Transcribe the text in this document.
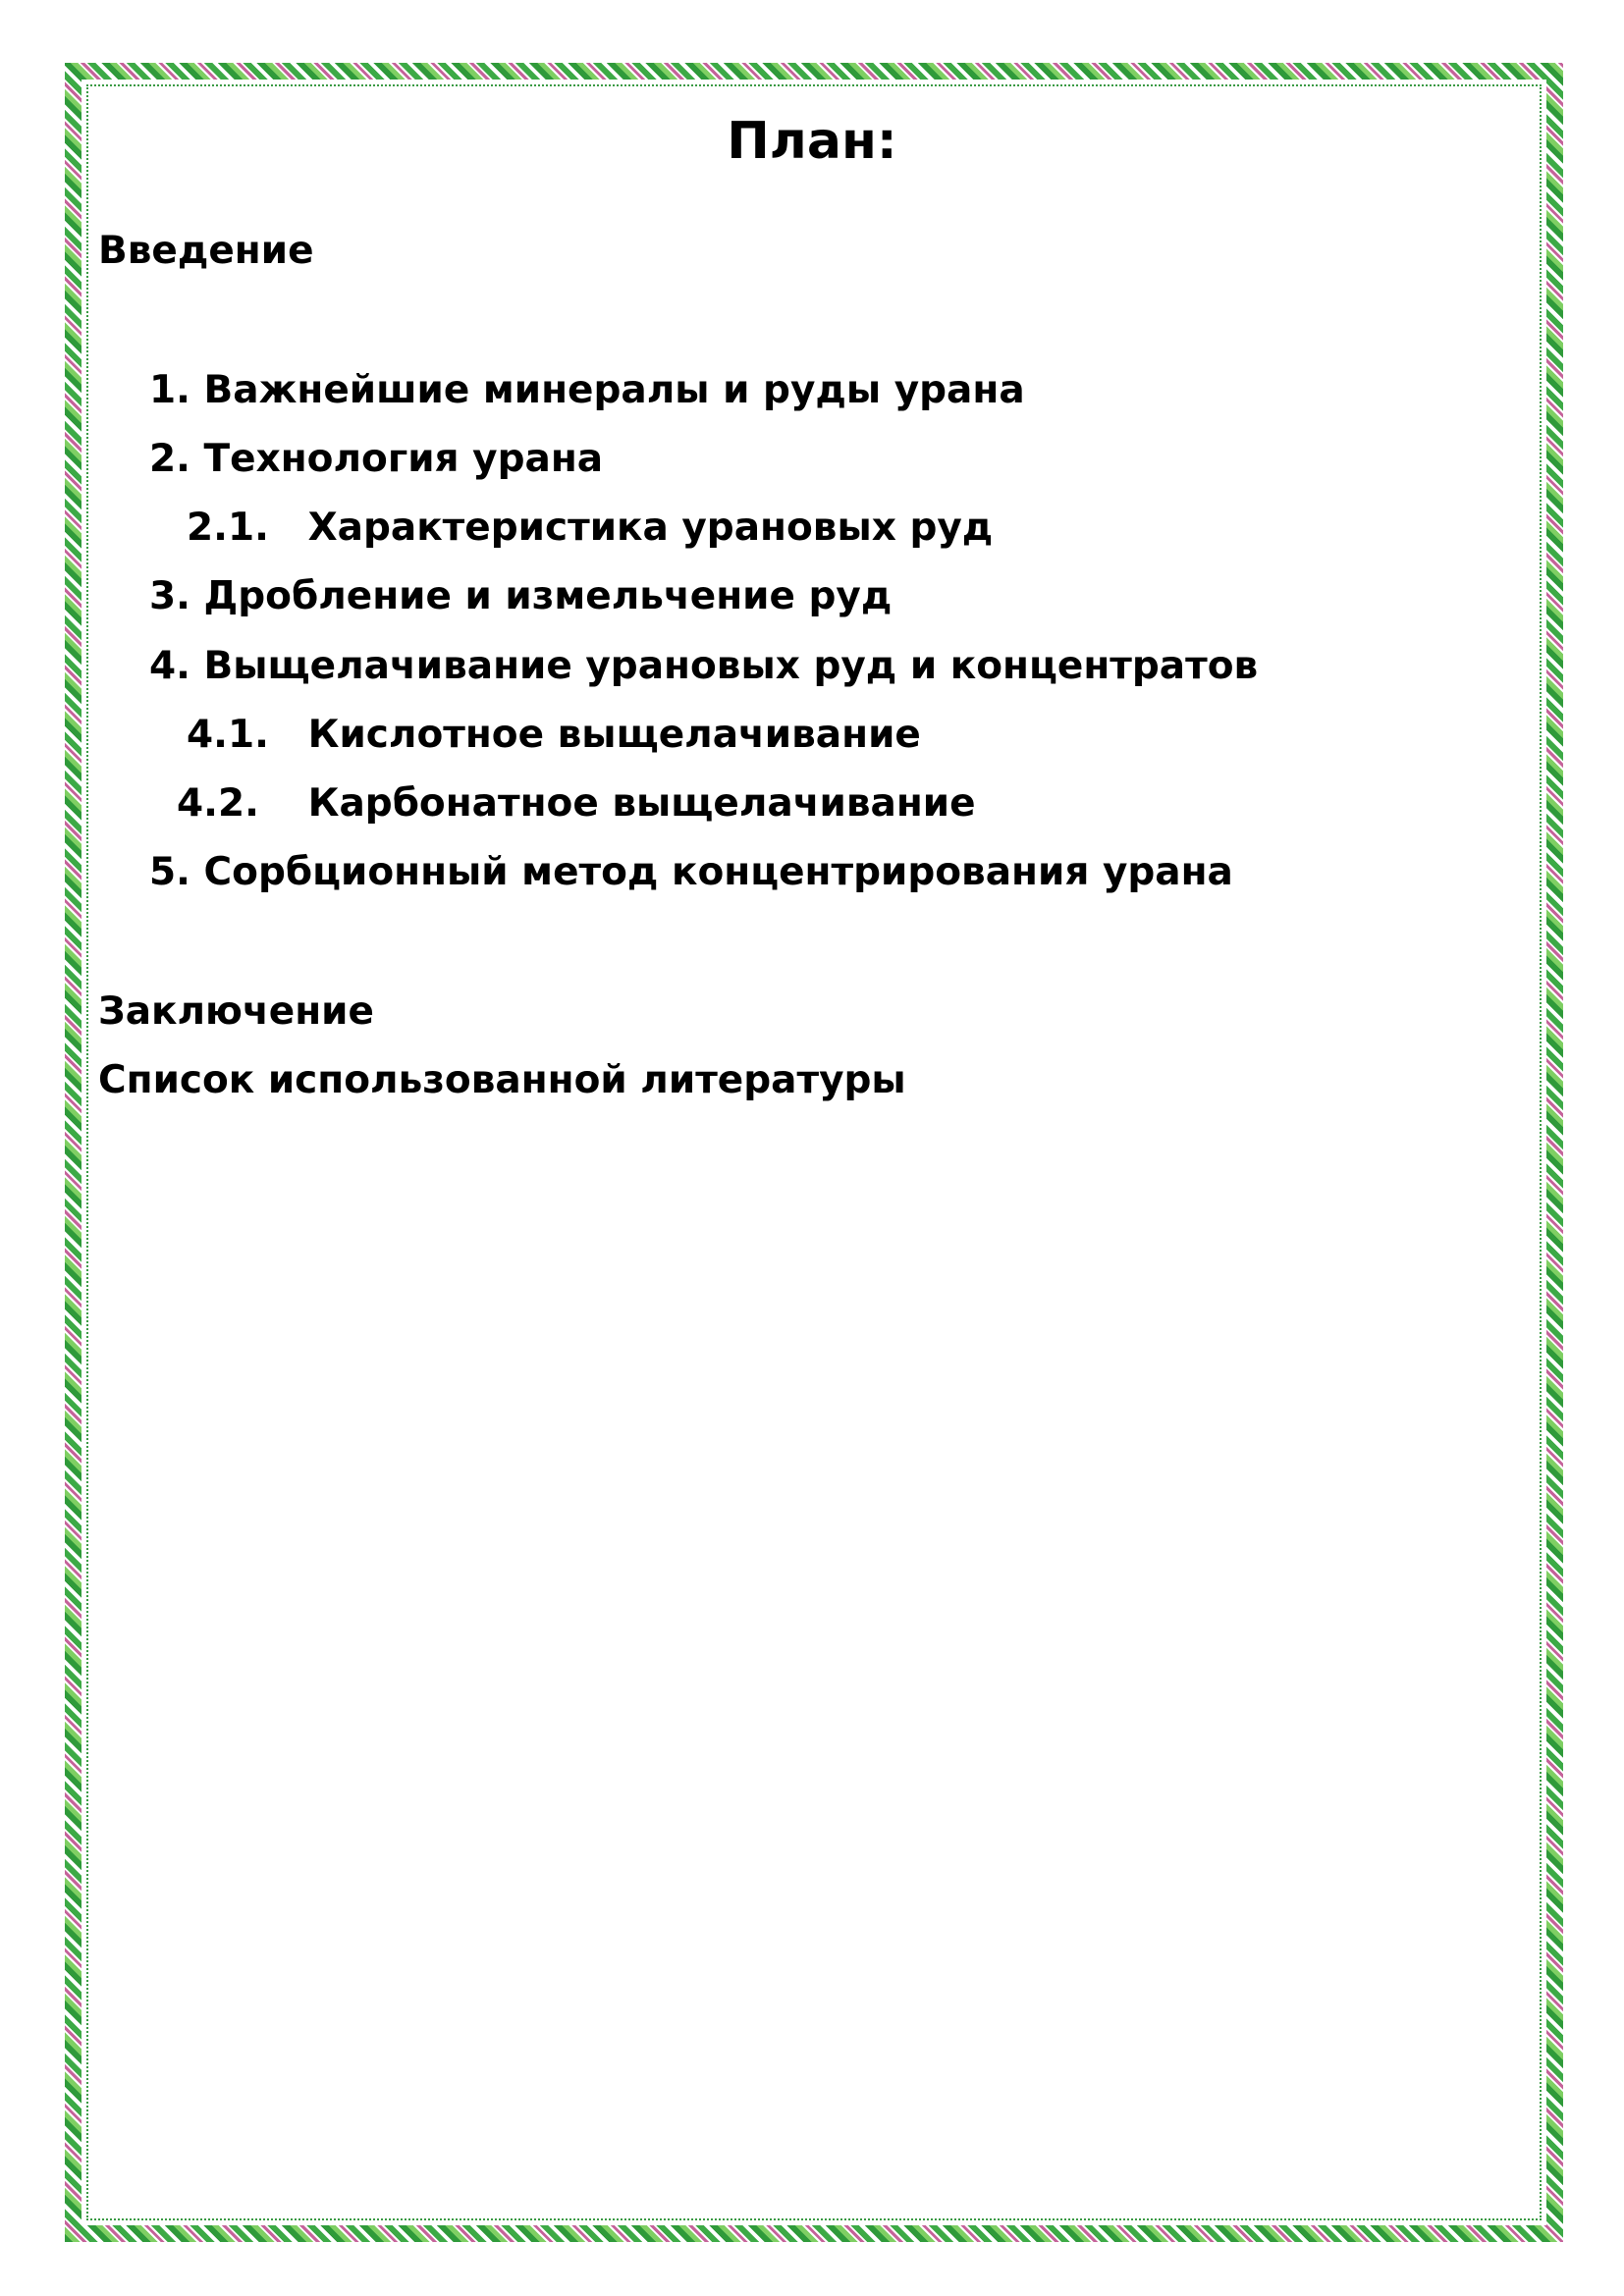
План:
Введение
1. Важнейшие минералы и руды урана
2. Технология урана
2.1. Характеристика урановых руд
3. Дробление и измельчение руд
4. Выщелачивание урановых руд и концентратов
4.1. Кислотное выщелачивание
4.2. Карбонатное выщелачивание
5. Сорбционный метод концентрирования урана
Заключение
Список использованной литературы
